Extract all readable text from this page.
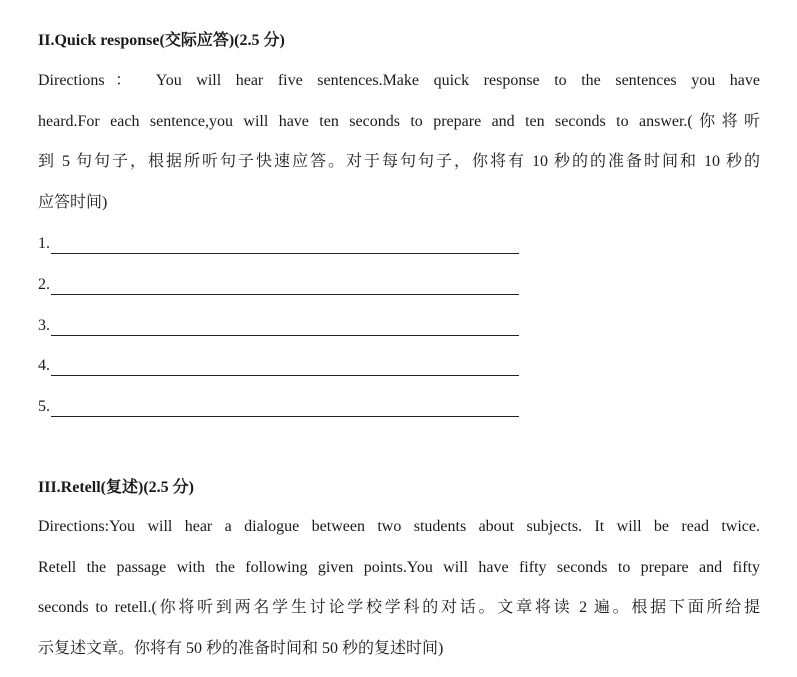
II.Quick response(交际应答)(2.5 分)
Directions： You will hear five sentences.Make quick response to the sentences you have
heard.For each sentence,you will have ten seconds to prepare and ten seconds to answer.(你将听
到 5 句句子，根据所听句子快速应答。对于每句句子，你将有 10 秒的的准备时间和 10 秒的
应答时间)
1.
2.
3.
4.
5.
III.Retell(复述)(2.5 分)
Directions:You will hear a dialogue between two students about subjects. It will be read twice.
Retell the passage with the following given points.You will have fifty seconds to prepare and fifty
seconds to retell.(你将听到两名学生讨论学校学科的对话。文章将读 2 遍。根据下面所给提
示复述文章。你将有 50 秒的准备时间和 50 秒的复述时间)
